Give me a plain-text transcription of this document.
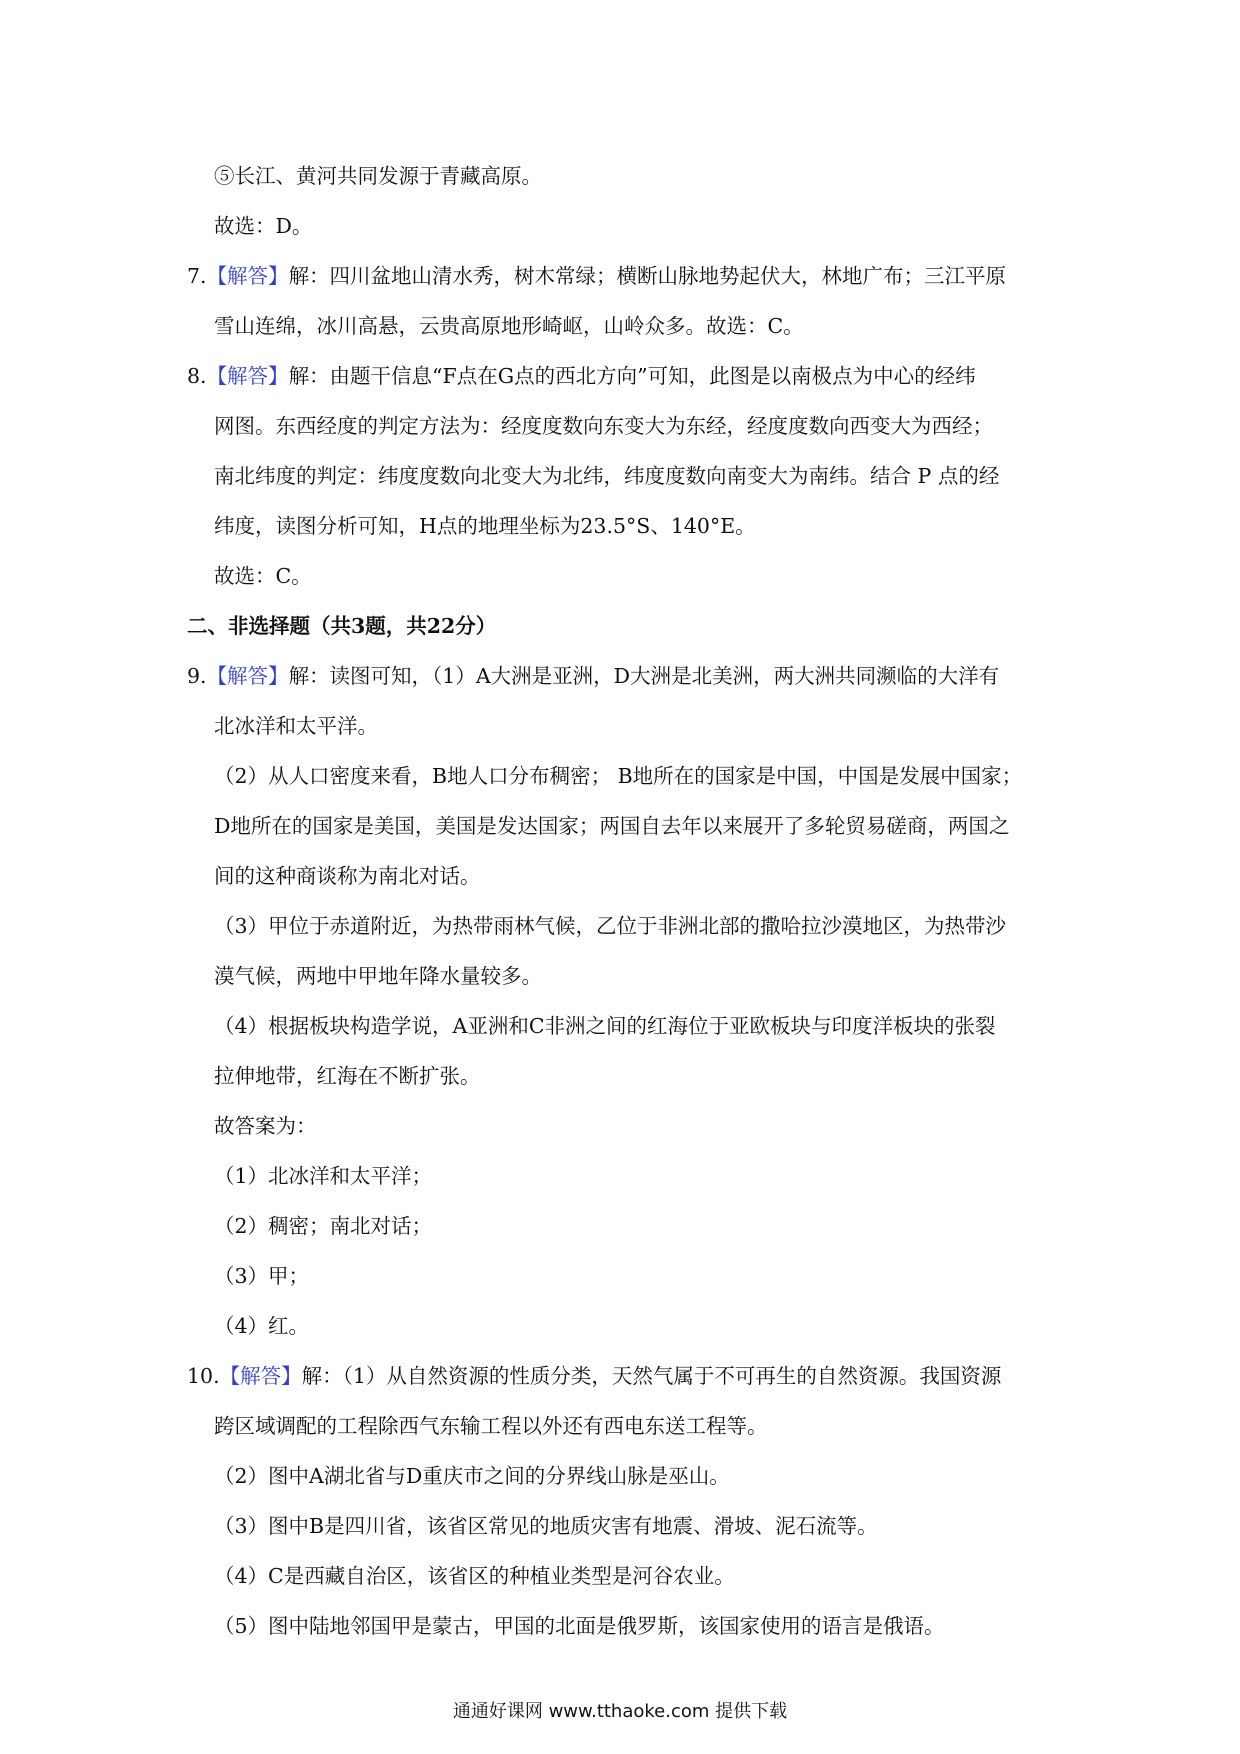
⑤长江、黄河共同发源于青藏高原。

故选：D。

7.【解答】解：四川盆地山清水秀，树木常绿；横断山脉地势起伏大，林地广布；三江平原

雪山连绵，冰川高悬，云贵高原地形崎岖，山岭众多。故选：C。

8.【解答】解：由题干信息“F点在G点的西北方向”可知，此图是以南极点为中心的经纬

网图。东西经度的判定方法为：经度度数向东变大为东经，经度度数向西变大为西经；

南北纬度的判定：纬度度数向北变大为北纬，纬度度数向南变大为南纬。结合 P 点的经

纬度，读图分析可知，H点的地理坐标为23.5°S、140°E。

故选：C。

二、非选择题（共3题，共22分）

9.【解答】解：读图可知，（1）A大洲是亚洲，D大洲是北美洲，两大洲共同濒临的大洋有

北冰洋和太平洋。

（2）从人口密度来看，B地人口分布稠密； B地所在的国家是中国，中国是发展中国家；

D地所在的国家是美国，美国是发达国家；两国自去年以来展开了多轮贸易磋商，两国之

间的这种商谈称为南北对话。

（3）甲位于赤道附近，为热带雨林气候，乙位于非洲北部的撒哈拉沙漠地区，为热带沙

漠气候，两地中甲地年降水量较多。

（4）根据板块构造学说，A亚洲和C非洲之间的红海位于亚欧板块与印度洋板块的张裂

拉伸地带，红海在不断扩张。

故答案为：

（1）北冰洋和太平洋；

（2）稠密；南北对话；

（3）甲；

（4）红。

10.【解答】解：（1）从自然资源的性质分类，天然气属于不可再生的自然资源。我国资源

跨区域调配的工程除西气东输工程以外还有西电东送工程等。

（2）图中A湖北省与D重庆市之间的分界线山脉是巫山。

（3）图中B是四川省，该省区常见的地质灾害有地震、滑坡、泥石流等。

（4）C是西藏自治区，该省区的种植业类型是河谷农业。

（5）图中陆地邻国甲是蒙古，甲国的北面是俄罗斯，该国家使用的语言是俄语。

通通好课网 www.tthaoke.com 提供下载
